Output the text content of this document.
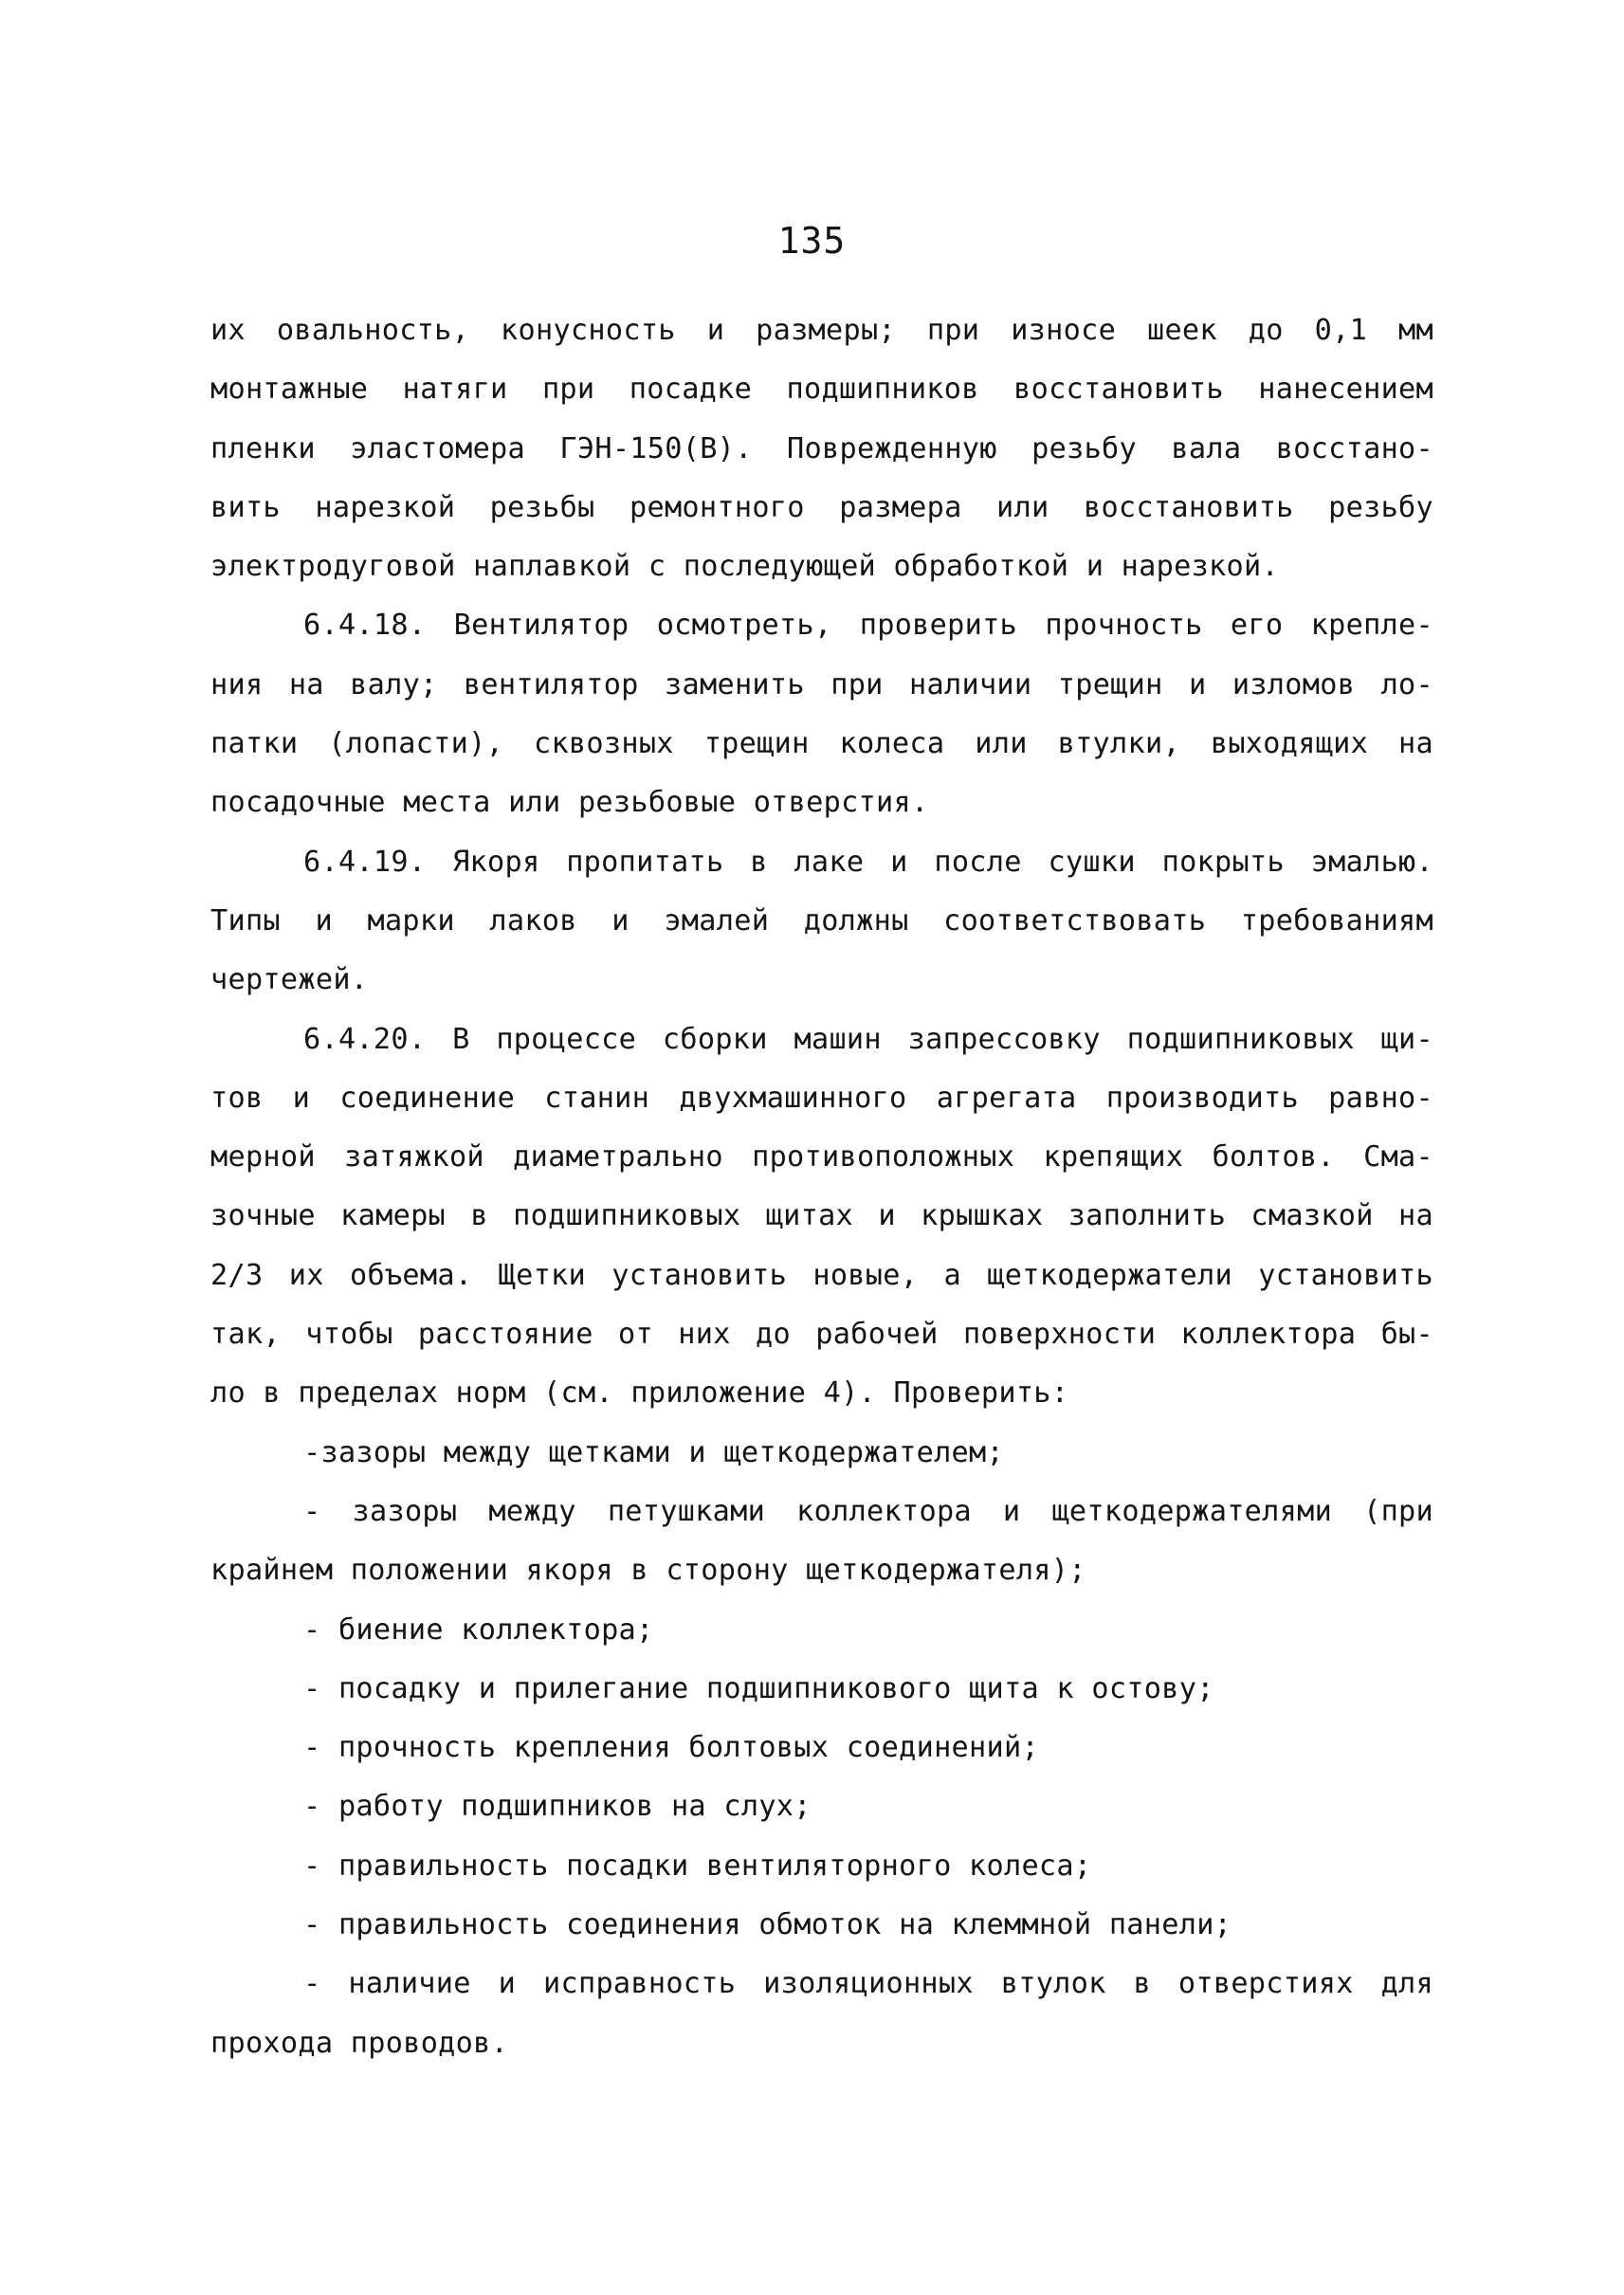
135
их овальность, конусность и размеры; при износе шеек до 0,1 мм
монтажные натяги при посадке подшипников восстановить нанесением
пленки эластомера ГЭН-150(В). Поврежденную резьбу вала восстано-
вить нарезкой резьбы ремонтного размера или восстановить резьбу
электродуговой наплавкой с последующей обработкой и нарезкой.
6.4.18. Вентилятор осмотреть, проверить прочность его крепле-
ния на валу; вентилятор заменить при наличии трещин и изломов ло-
патки (лопасти), сквозных трещин колеса или втулки, выходящих на
посадочные места или резьбовые отверстия.
6.4.19. Якоря пропитать в лаке и после сушки покрыть эмалью.
Типы и марки лаков и эмалей должны соответствовать требованиям
чертежей.
6.4.20. В процессе сборки машин запрессовку подшипниковых щи-
тов и соединение станин двухмашинного агрегата производить равно-
мерной затяжкой диаметрально противоположных крепящих болтов. Сма-
зочные камеры в подшипниковых щитах и крышках заполнить смазкой на
2/3 их объема. Щетки установить новые, а щеткодержатели установить
так, чтобы расстояние от них до рабочей поверхности коллектора бы-
ло в пределах норм (см. приложение 4). Проверить:
-зазоры между щетками и щеткодержателем;
- зазоры между петушками коллектора и щеткодержателями (при
крайнем положении якоря в сторону щеткодержателя);
- биение коллектора;
- посадку и прилегание подшипникового щита к остову;
- прочность крепления болтовых соединений;
- работу подшипников на слух;
- правильность посадки вентиляторного колеса;
- правильность соединения обмоток на клеммной панели;
- наличие и исправность изоляционных втулок в отверстиях для
прохода проводов.
